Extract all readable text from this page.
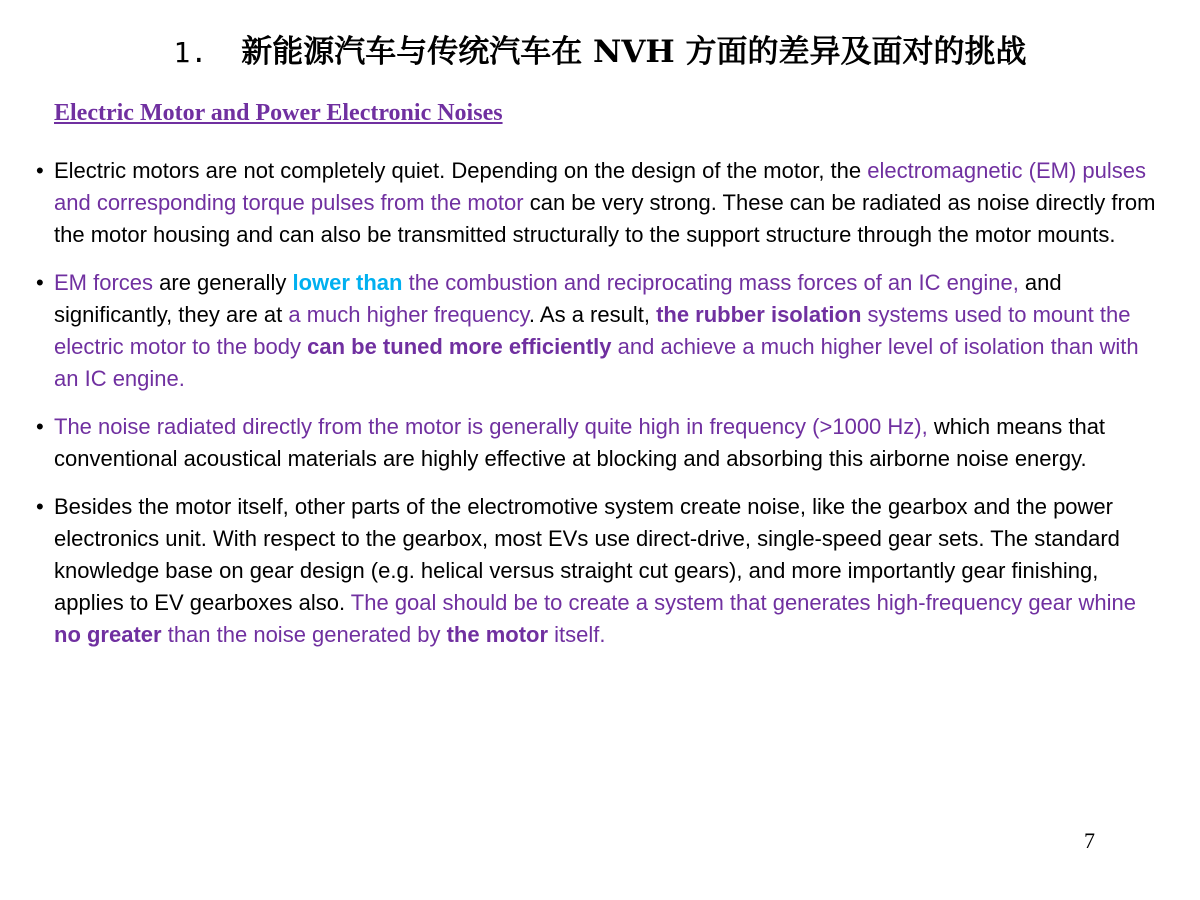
1. 新能源汽车与传统汽车在 NVH 方面的差异及面对的挑战
Electric Motor and Power Electronic Noises
• Electric motors are not completely quiet. Depending on the design of the motor, the electromagnetic (EM) pulses and corresponding torque pulses from the motor can be very strong. These can be radiated as noise directly from the motor housing and can also be transmitted structurally to the support structure through the motor mounts.
• EM forces are generally lower than the combustion and reciprocating mass forces of an IC engine, and significantly, they are at a much higher frequency. As a result, the rubber isolation systems used to mount the electric motor to the body can be tuned more efficiently and achieve a much higher level of isolation than with an IC engine.
• The noise radiated directly from the motor is generally quite high in frequency (>1000 Hz), which means that conventional acoustical materials are highly effective at blocking and absorbing this airborne noise energy.
• Besides the motor itself, other parts of the electromotive system create noise, like the gearbox and the power electronics unit. With respect to the gearbox, most EVs use direct-drive, single-speed gear sets. The standard knowledge base on gear design (e.g. helical versus straight cut gears), and more importantly gear finishing, applies to EV gearboxes also. The goal should be to create a system that generates high-frequency gear whine no greater than the noise generated by the motor itself.
7
